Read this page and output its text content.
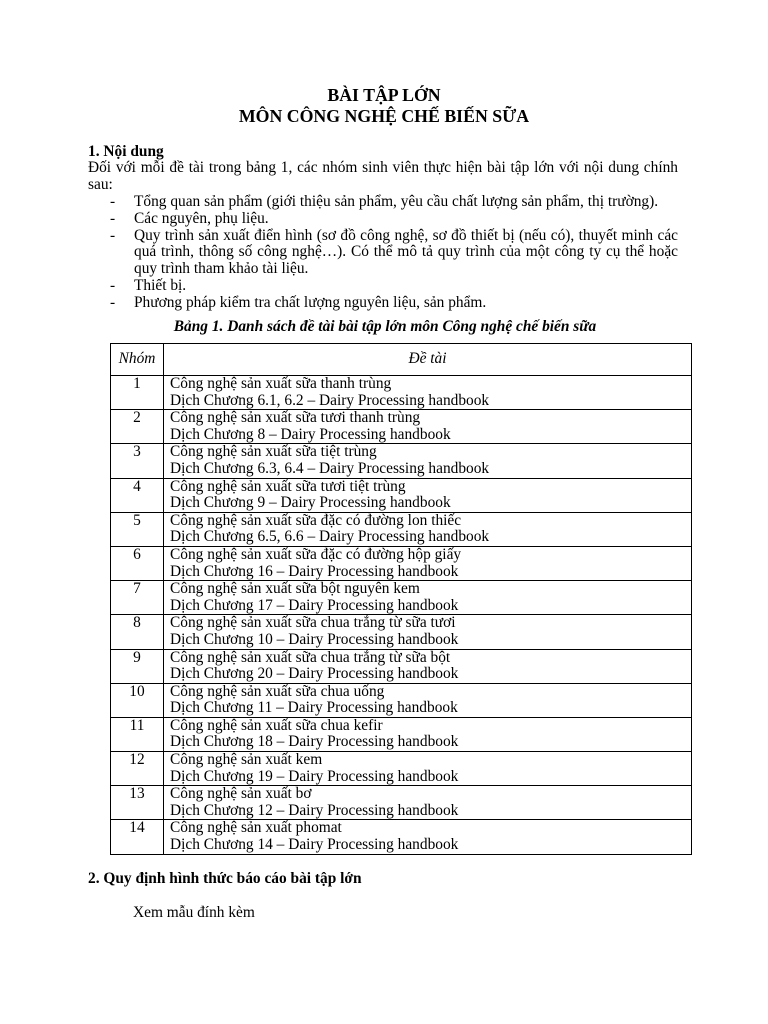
BÀI TẬP LỚN
MÔN CÔNG NGHỆ CHẾ BIẾN SỮA
1. Nội dung
Đối với mỗi đề tài trong bảng 1, các nhóm sinh viên thực hiện bài tập lớn với nội dung chính
sau:
- Tổng quan sản phẩm (giới thiệu sản phẩm, yêu cầu chất lượng sản phẩm, thị trường).
- Các nguyên, phụ liệu.
- Quy trình sản xuất điển hình (sơ đồ công nghệ, sơ đồ thiết bị (nếu có), thuyết minh các
quá trình, thông số công nghệ…). Có thể mô tả quy trình của một công ty cụ thể hoặc
quy trình tham khảo tài liệu.
- Thiết bị.
- Phương pháp kiểm tra chất lượng nguyên liệu, sản phẩm.
Bảng 1. Danh sách đề tài bài tập lớn môn Công nghệ chế biến sữa
Nhóm	Đề tài
1	Công nghệ sản xuất sữa thanh trùng
Dịch Chương 6.1, 6.2 – Dairy Processing handbook

2	Công nghệ sản xuất sữa tươi thanh trùng
Dịch Chương 8 – Dairy Processing handbook

3	Công nghệ sản xuất sữa tiệt trùng
Dịch Chương 6.3, 6.4 – Dairy Processing handbook

4	Công nghệ sản xuất sữa tươi tiệt trùng
Dịch Chương 9 – Dairy Processing handbook

5	Công nghệ sản xuất sữa đặc có đường lon thiếc
Dịch Chương 6.5, 6.6 – Dairy Processing handbook

6	Công nghệ sản xuất sữa đặc có đường hộp giấy
Dịch Chương 16 – Dairy Processing handbook

7	Công nghệ sản xuất sữa bột nguyên kem
Dịch Chương 17 – Dairy Processing handbook

8	Công nghệ sản xuất sữa chua trắng từ sữa tươi
Dịch Chương 10 – Dairy Processing handbook

9	Công nghệ sản xuất sữa chua trắng từ sữa bột
Dịch Chương 20 – Dairy Processing handbook

10	Công nghệ sản xuất sữa chua uống
Dịch Chương 11 – Dairy Processing handbook

11	Công nghệ sản xuất sữa chua kefir
Dịch Chương 18 – Dairy Processing handbook

12	Công nghệ sản xuất kem
Dịch Chương 19 – Dairy Processing handbook

13	Công nghệ sản xuất bơ
Dịch Chương 12 – Dairy Processing handbook

14	Công nghệ sản xuất phomat
Dịch Chương 14 – Dairy Processing handbook
2. Quy định hình thức báo cáo bài tập lớn
Xem mẫu đính kèm
